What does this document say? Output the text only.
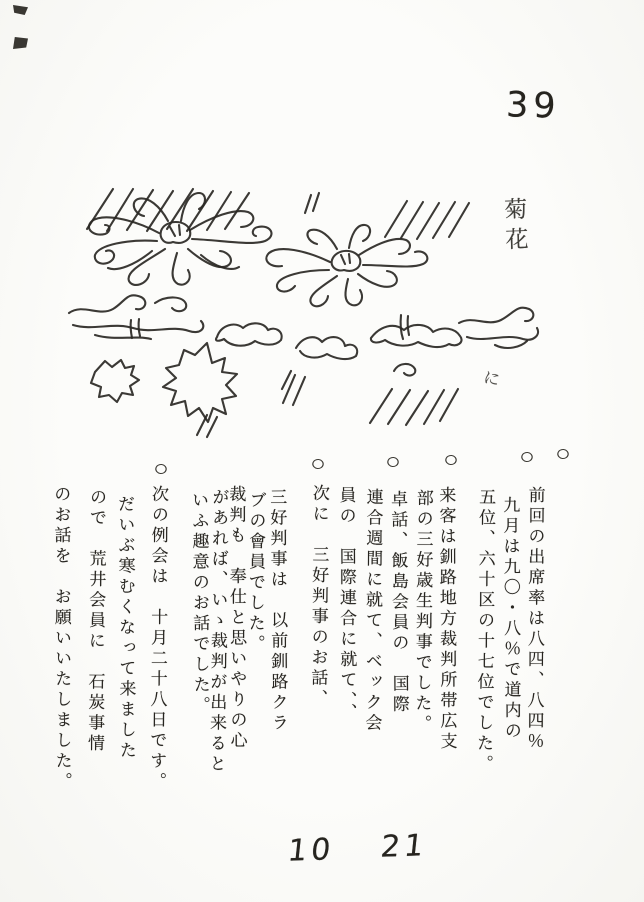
39
菊花
に
前回の出席率は八四、八四％
九月は九〇・八％で道内の
五位、六十区の十七位でした。
来客は釧路地方裁判所帯広支
部の三好歳生判事でした。
卓話、飯島会員の　国際
連合週間に就て、ベック会
員の　国際連合に就て、、
次に　三好判事のお話、
三好判事は　以前釧路クラ
ブの會員でした。
裁判も　奉仕と思いやりの心
があれば、いゝ裁判が出来ると
いふ趣意のお話でした。
次の例会は　十月二十八日です。
だいぶ寒むくなって来ました
ので　荒井会員に　石炭事情
のお話を　お願いいたしました。
10 21
